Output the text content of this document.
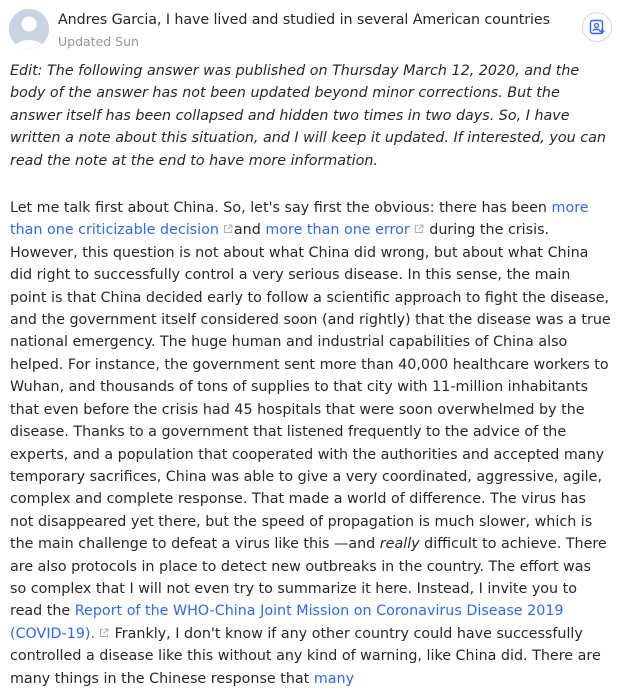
Andres Garcia, I have lived and studied in several American countries
Updated Sun

Edit: The following answer was published on Thursday March 12, 2020, and the body of the answer has not been updated beyond minor corrections. But the answer itself has been collapsed and hidden two times in two days. So, I have written a note about this situation, and I will keep it updated. If interested, you can read the note at the end to have more information.

Let me talk first about China. So, let's say first the obvious: there has been more than one criticizable decision and more than one error
during the crisis. However, this question is not about what China did wrong, but about what China did right to successfully control a very serious disease. In this sense, the main point is that China decided early to follow a scientific approach to fight the disease, and the government itself considered soon (and rightly) that the disease was a true national emergency. The huge human and industrial capabilities of China also helped. For instance, the government sent more than 40,000 healthcare workers to Wuhan, and thousands of tons of supplies to that city with 11-million inhabitants that even before the crisis had 45 hospitals that were soon overwhelmed by the disease. Thanks to a government that listened frequently to the advice of the experts, and a population that cooperated with the authorities and accepted many temporary sacrifices, China was able to give a very coordinated, aggressive, agile, complex and complete response. That made a world of difference. The virus has not disappeared yet there, but the speed of propagation is much slower, which is the main challenge to defeat a virus like this —and really difficult to achieve. There are also protocols in place to detect new outbreaks in the country. The effort was so complex that I will not even try to summarize it here. Instead, I invite you to read the Report of the WHO-China Joint Mission on Coronavirus Disease 2019 (COVID-19).
Frankly, I don't know if any other country could have successfully controlled a disease like this without any kind of warning, like China did. There are many things in the Chinese response that many
